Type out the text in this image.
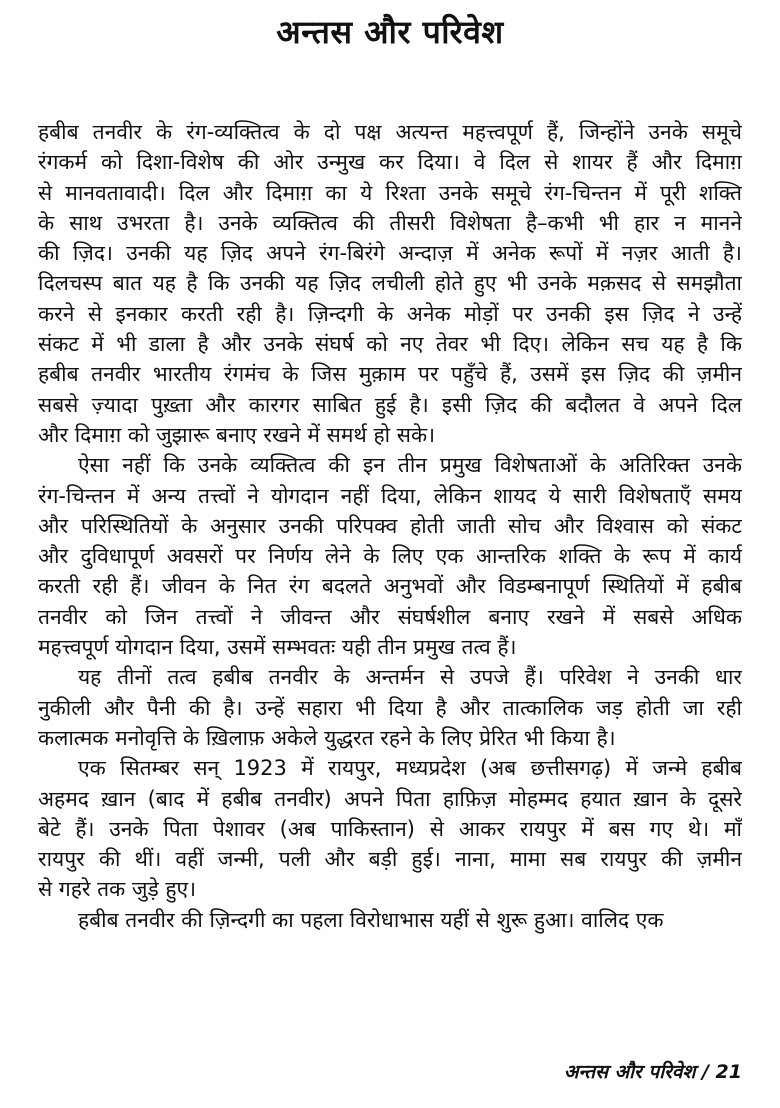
अन्तस और परिवेश
हबीब तनवीर के रंग-व्यक्तित्व के दो पक्ष अत्यन्त महत्त्वपूर्ण हैं, जिन्होंने उनके समूचे
रंगकर्म को दिशा-विशेष की ओर उन्मुख कर दिया। वे दिल से शायर हैं और दिमाग़
से मानवतावादी। दिल और दिमाग़ का ये रिश्ता उनके समूचे रंग-चिन्तन में पूरी शक्ति
के साथ उभरता है। उनके व्यक्तित्व की तीसरी विशेषता है–कभी भी हार न मानने
की ज़िद। उनकी यह ज़िद अपने रंग-बिरंगे अन्दाज़ में अनेक रूपों में नज़र आती है।
दिलचस्प बात यह है कि उनकी यह ज़िद लचीली होते हुए भी उनके मक़सद से समझौता
करने से इनकार करती रही है। ज़िन्दगी के अनेक मोड़ों पर उनकी इस ज़िद ने उन्हें
संकट में भी डाला है और उनके संघर्ष को नए तेवर भी दिए। लेकिन सच यह है कि
हबीब तनवीर भारतीय रंगमंच के जिस मुक़ाम पर पहुँचे हैं, उसमें इस ज़िद की ज़मीन
सबसे ज़्यादा पुख़्ता और कारगर साबित हुई है। इसी ज़िद की बदौलत वे अपने दिल
और दिमाग़ को जुझारू बनाए रखने में समर्थ हो सके।
ऐसा नहीं कि उनके व्यक्तित्व की इन तीन प्रमुख विशेषताओं के अतिरिक्त उनके
रंग-चिन्तन में अन्य तत्त्वों ने योगदान नहीं दिया, लेकिन शायद ये सारी विशेषताएँ समय
और परिस्थितियों के अनुसार उनकी परिपक्व होती जाती सोच और विश्वास को संकट
और दुविधापूर्ण अवसरों पर निर्णय लेने के लिए एक आन्तरिक शक्ति के रूप में कार्य
करती रही हैं। जीवन के नित रंग बदलते अनुभवों और विडम्बनापूर्ण स्थितियों में हबीब
तनवीर को जिन तत्त्वों ने जीवन्त और संघर्षशील बनाए रखने में सबसे अधिक
महत्त्वपूर्ण योगदान दिया, उसमें सम्भवतः यही तीन प्रमुख तत्व हैं।
यह तीनों तत्व हबीब तनवीर के अन्तर्मन से उपजे हैं। परिवेश ने उनकी धार
नुकीली और पैनी की है। उन्हें सहारा भी दिया है और तात्कालिक जड़ होती जा रही
कलात्मक मनोवृत्ति के ख़िलाफ़ अकेले युद्धरत रहने के लिए प्रेरित भी किया है।
एक सितम्बर सन् 1923 में रायपुर, मध्यप्रदेश (अब छत्तीसगढ़) में जन्मे हबीब
अहमद ख़ान (बाद में हबीब तनवीर) अपने पिता हाफ़िज़ मोहम्मद हयात ख़ान के दूसरे
बेटे हैं। उनके पिता पेशावर (अब पाकिस्तान) से आकर रायपुर में बस गए थे। माँ
रायपुर की थीं। वहीं जन्मी, पली और बड़ी हुई। नाना, मामा सब रायपुर की ज़मीन
से गहरे तक जुड़े हुए।
हबीब तनवीर की ज़िन्दगी का पहला विरोधाभास यहीं से शुरू हुआ। वालिद एक
अन्तस और परिवेश / 21
